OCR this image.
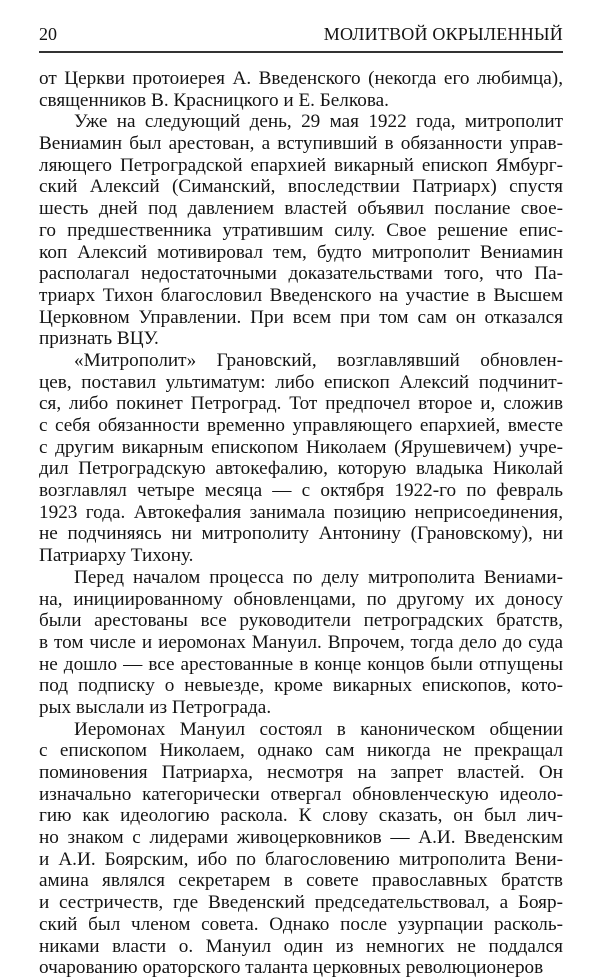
20	МОЛИТВОЙ ОКРЫЛЕННЫЙ
от Церкви протоиерея А. Введенского (некогда его любимца),
священников В. Красницкого и Е. Белкова.
Уже на следующий день, 29 мая 1922 года, митрополит
Вениамин был арестован, а вступивший в обязанности управ-
ляющего Петроградской епархией викарный епископ Ямбург-
ский Алексий (Симанский, впоследствии Патриарх) спустя
шесть дней под давлением властей объявил послание свое-
го предшественника утратившим силу. Свое решение епис-
коп Алексий мотивировал тем, будто митрополит Вениамин
располагал недостаточными доказательствами того, что Па-
триарх Тихон благословил Введенского на участие в Высшем
Церковном Управлении. При всем при том сам он отказался
признать ВЦУ.
«Митрополит» Грановский, возглавлявший обновлен-
цев, поставил ультиматум: либо епископ Алексий подчинит-
ся, либо покинет Петроград. Тот предпочел второе и, сложив
с себя обязанности временно управляющего епархией, вместе
с другим викарным епископом Николаем (Ярушевичем) учре-
дил Петроградскую автокефалию, которую владыка Николай
возглавлял четыре месяца — с октября 1922-го по февраль
1923 года. Автокефалия занимала позицию неприсоединения,
не подчиняясь ни митрополиту Антонину (Грановскому), ни
Патриарху Тихону.
Перед началом процесса по делу митрополита Вениами-
на, инициированному обновленцами, по другому их доносу
были арестованы все руководители петроградских братств,
в том числе и иеромонах Мануил. Впрочем, тогда дело до суда
не дошло — все арестованные в конце концов были отпущены
под подписку о невыезде, кроме викарных епископов, кото-
рых выслали из Петрограда.
Иеромонах Мануил состоял в каноническом общении
с епископом Николаем, однако сам никогда не прекращал
поминовения Патриарха, несмотря на запрет властей. Он
изначально категорически отвергал обновленческую идеоло-
гию как идеологию раскола. К слову сказать, он был лич-
но знаком с лидерами живоцерковников — А.И. Введенским
и А.И. Боярским, ибо по благословению митрополита Вени-
амина являлся секретарем в совете православных братств
и сестричеств, где Введенский председательствовал, а Бояр-
ский был членом совета. Однако после узурпации расколь-
никами власти о. Мануил один из немногих не поддался
очарованию ораторского таланта церковных революционеров
